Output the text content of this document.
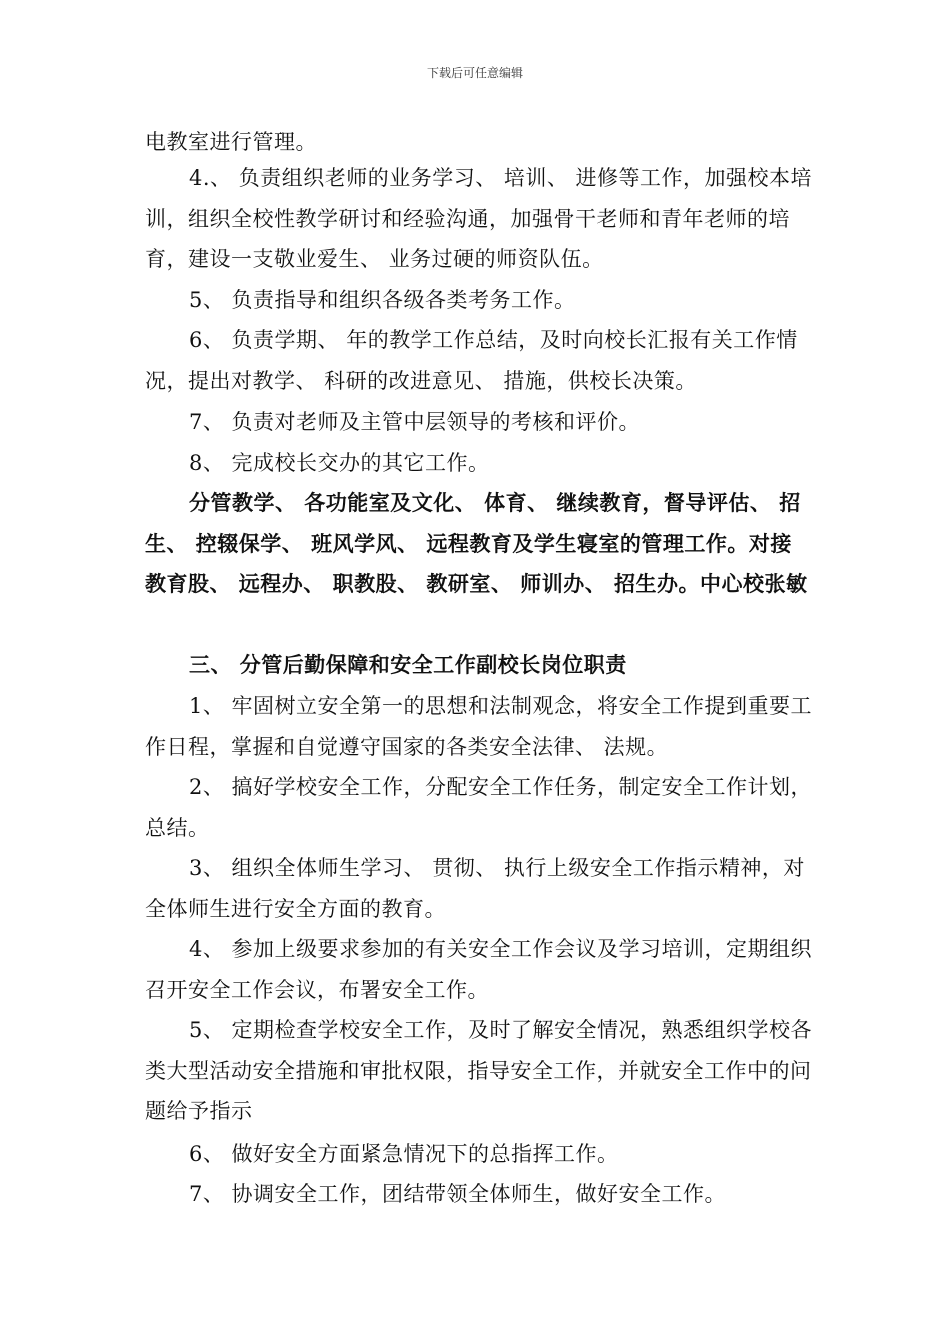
下载后可任意编辑
电教室进行管理。
4.、 负责组织老师的业务学习、 培训、 进修等工作，加强校本培训，组织全校性教学研讨和经验沟通，加强骨干老师和青年老师的培育，建设一支敬业爱生、 业务过硬的师资队伍。
5、 负责指导和组织各级各类考务工作。
6、 负责学期、 年的教学工作总结，及时向校长汇报有关工作情况，提出对教学、 科研的改进意见、 措施，供校长决策。
7、 负责对老师及主管中层领导的考核和评价。
8、 完成校长交办的其它工作。
分管教学、 各功能室及文化、 体育、 继续教育，督导评估、 招生、 控辍保学、 班风学风、 远程教育及学生寝室的管理工作。对接教育股、 远程办、 职教股、 教研室、 师训办、 招生办。中心校张敏
三、 分管后勤保障和安全工作副校长岗位职责
1、 牢固树立安全第一的思想和法制观念，将安全工作提到重要工作日程，掌握和自觉遵守国家的各类安全法律、 法规。
2、 搞好学校安全工作，分配安全工作任务，制定安全工作计划，总结。
3、 组织全体师生学习、 贯彻、 执行上级安全工作指示精神，对全体师生进行安全方面的教育。
4、 参加上级要求参加的有关安全工作会议及学习培训，定期组织召开安全工作会议，布署安全工作。
5、 定期检查学校安全工作，及时了解安全情况，熟悉组织学校各类大型活动安全措施和审批权限，指导安全工作，并就安全工作中的问题给予指示
6、 做好安全方面紧急情况下的总指挥工作。
7、 协调安全工作，团结带领全体师生，做好安全工作。
